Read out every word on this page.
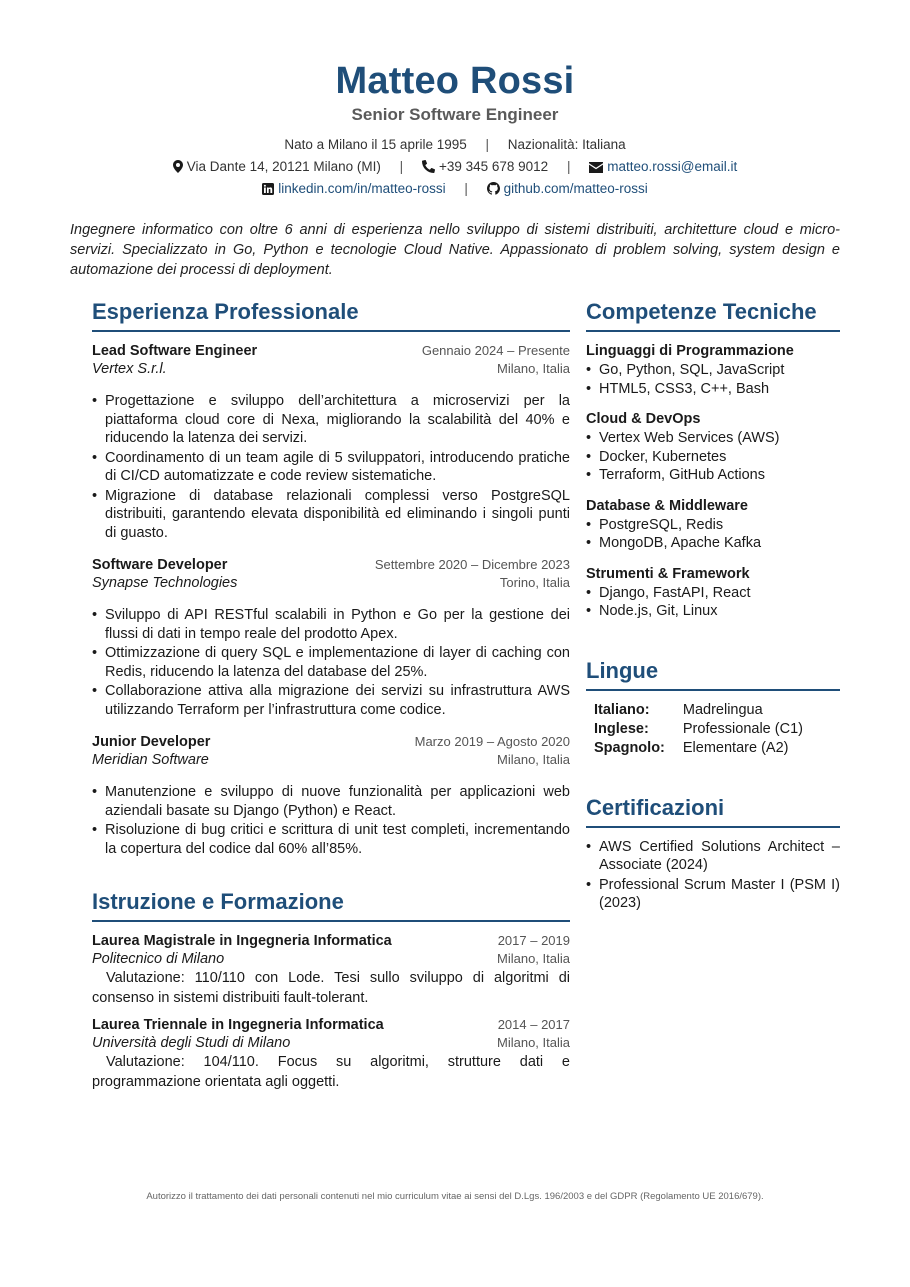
Matteo Rossi
Senior Software Engineer
Nato a Milano il 15 aprile 1995 | Nazionalità: Italiana
Via Dante 14, 20121 Milano (MI) |	+39 345 678 9012 |	matteo.rossi@email.it
linkedin.com/in/matteo-rossi |	github.com/matteo-rossi
Ingegnere informatico con oltre 6 anni di esperienza nello sviluppo di sistemi distribuiti, architetture cloud e micro-servizi. Specializzato in Go, Python e tecnologie Cloud Native. Appassionato di problem solving, system design e automazione dei processi di deployment.
Esperienza Professionale
Lead Software Engineer	Gennaio 2024 – Presente
Vertex S.r.l.	Milano, Italia
• Progettazione e sviluppo dell’architettura a microservizi per la piattaforma cloud core di Nexa, migliorando la scalabilità del 40% e riducendo la latenza dei servizi.
• Coordinamento di un team agile di 5 sviluppatori, introducendo pratiche di CI/CD automatizzate e code review sistematiche.
• Migrazione di database relazionali complessi verso PostgreSQL distribuiti, garantendo elevata disponibilità ed eliminando i singoli punti di guasto.
Software Developer	Settembre 2020 – Dicembre 2023
Synapse Technologies	Torino, Italia
• Sviluppo di API RESTful scalabili in Python e Go per la gestione dei flussi di dati in tempo reale del prodotto Apex.
• Ottimizzazione di query SQL e implementazione di layer di caching con Redis, riducendo la latenza del database del 25%.
• Collaborazione attiva alla migrazione dei servizi su infrastruttura AWS utilizzando Terraform per l’infrastruttura come codice.
Junior Developer	Marzo 2019 – Agosto 2020
Meridian Software	Milano, Italia
• Manutenzione e sviluppo di nuove funzionalità per applicazioni web aziendali basate su Django (Python) e React.
• Risoluzione di bug critici e scrittura di unit test completi, incrementando la copertura del codice dal 60% all’85%.
Istruzione e Formazione
Laurea Magistrale in Ingegneria Informatica	2017 – 2019
Politecnico di Milano	Milano, Italia
Valutazione: 110/110 con Lode. Tesi sullo sviluppo di algoritmi di consenso in sistemi distribuiti fault-tolerant.
Laurea Triennale in Ingegneria Informatica	2014 – 2017
Università degli Studi di Milano	Milano, Italia
Valutazione: 104/110. Focus su algoritmi, strutture dati e programmazione orientata agli oggetti.
Competenze Tecniche
Linguaggi di Programmazione
• Go, Python, SQL, JavaScript
• HTML5, CSS3, C++, Bash
Cloud & DevOps
• Vertex Web Services (AWS)
• Docker, Kubernetes
• Terraform, GitHub Actions
Database & Middleware
• PostgreSQL, Redis
• MongoDB, Apache Kafka
Strumenti & Framework
• Django, FastAPI, React
• Node.js, Git, Linux
Lingue
Italiano:	Madrelingua
Inglese:	Professionale (C1)
Spagnolo:	Elementare (A2)
Certificazioni
• AWS Certified Solutions Architect – Associate (2024)
• Professional Scrum Master I (PSM I) (2023)
Autorizzo il trattamento dei dati personali contenuti nel mio curriculum vitae ai sensi del D.Lgs. 196/2003 e del GDPR (Regolamento UE 2016/679).
